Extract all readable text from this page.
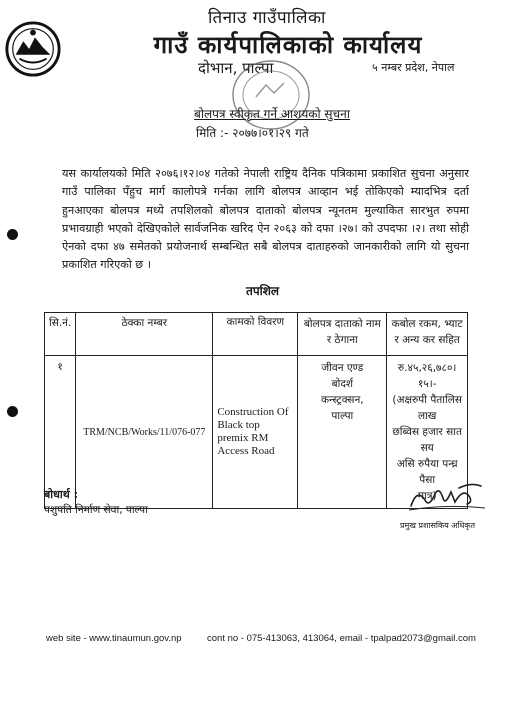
तिनाउ गाउँपालिका
गाउँ कार्यपालिकाको कार्यालय
दोभान, पाल्पा	५ नम्बर प्रदेश, नेपाल
बोलपत्र स्वीकृत गर्ने आशयको सुचना
मिति :- २०७७।०१।२९ गते
यस कार्यालयको मिति २०७६।१२।०४ गतेको नेपाली राष्ट्रिय दैनिक पत्रिकामा प्रकाशित सुचना अनुसार गाउँ पालिका पँहुच मार्ग कालोपत्रे गर्नका लागि बोलपत्र आव्हान भई तोकिएको म्यादभित्र दर्ता हुनआएका बोलपत्र मध्ये तपशिलको बोलपत्र दाताको बोलपत्र न्यूनतम मुल्याकित सारभुत रुपमा प्रभावग्राही भएको देखिएकोले सार्वजनिक खरिद ऐन २०६३ को दफा ।२७। को उपदफा ।२। तथा सोही ऐनको दफा ४७ समेतको प्रयोजनार्थ सम्बन्धित सबै बोलपत्र दाताहरुको जानकारीको लागि यो सुचना प्रकाशित गरिएको छ ।
तपशिल
सि.नं.	ठेक्का नम्बर	कामको विवरण	बोलपत्र दाताको नाम र ठेगाना	कबोल रकम, भ्याट र अन्य कर सहित
१	TRM/NCB/Works/11/076-077	Construction Of Black top premix RM Access Road	जीवन एण्ड
बोदर्श
कन्स्ट्रक्सन,
पाल्पा	रु.४५,२६,७८०।१५।-
(अक्षरुपी पैतालिस लाख
छब्विस हजार सात सय
असि रुपैया पन्ध्र पैसा
मात्र)
बोधार्थ :
पशुपति निर्माण सेवा, पाल्पा
प्रमुख प्रशासकिय अधिकृत
web site - www.tinaumun.gov.np	cont no - 075-413063, 413064, email - tpalpad2073@gmail.com
